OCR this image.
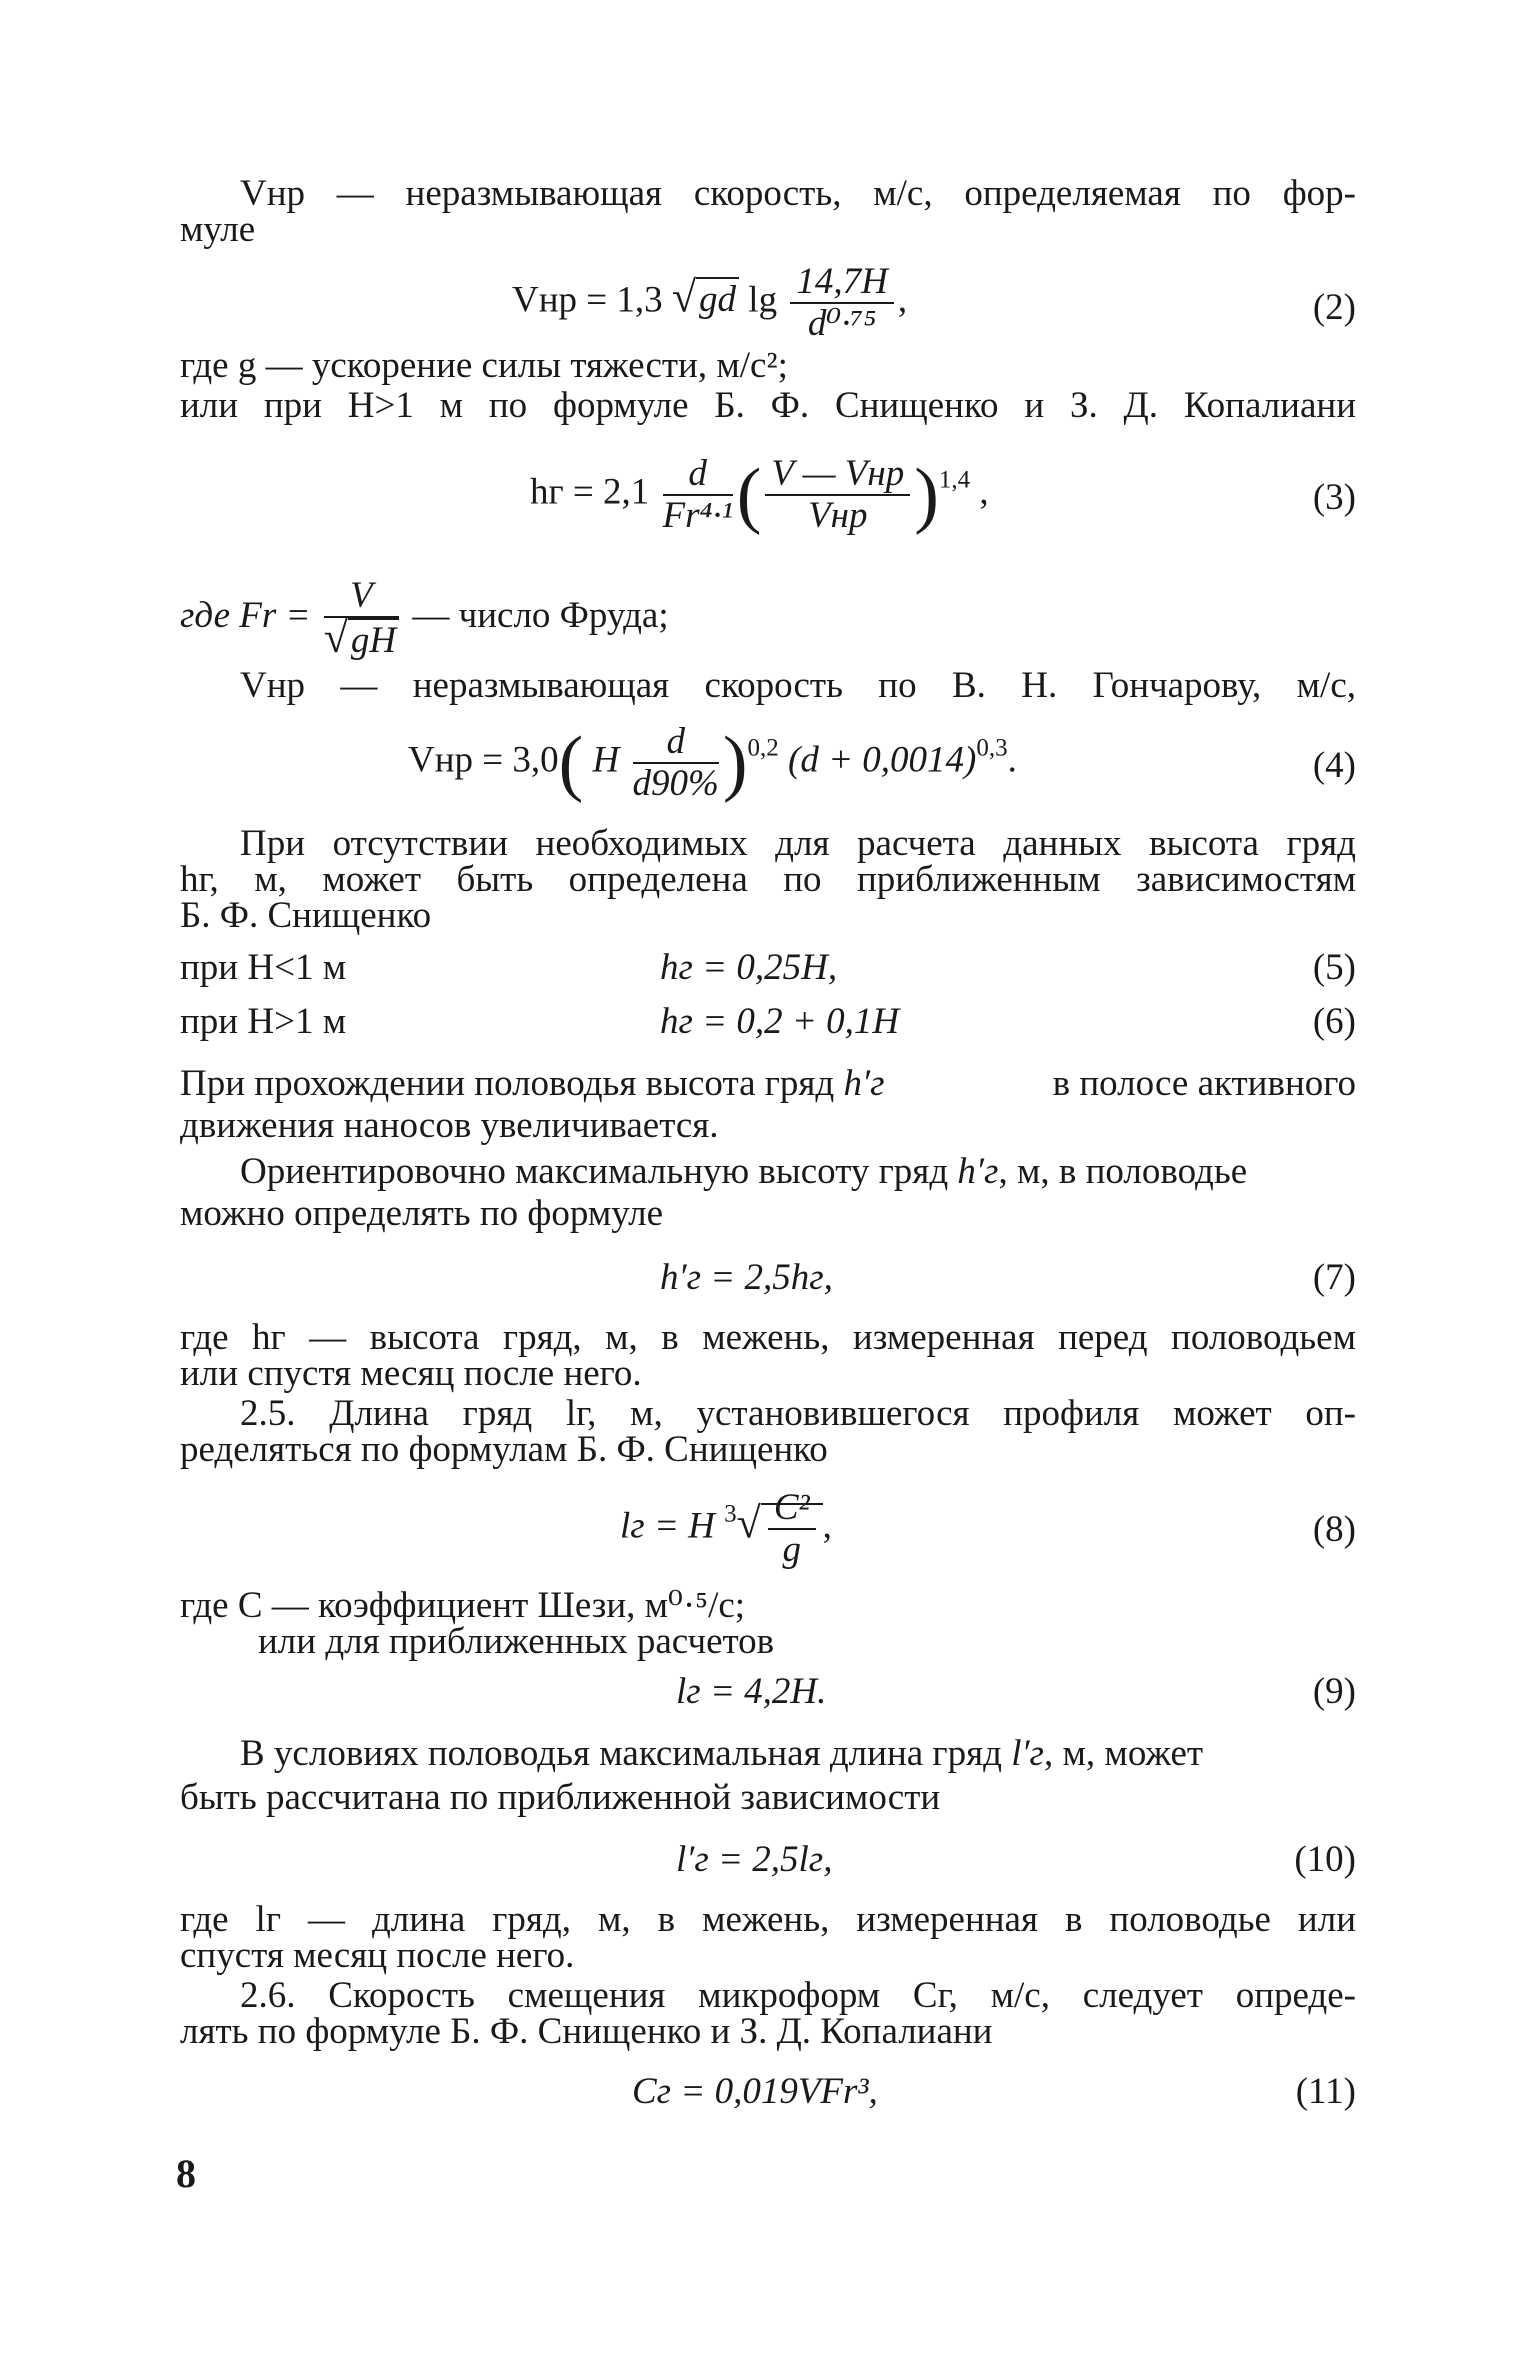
Vнр — неразмывающая скорость, м/с, определяемая по фор-
муле
Vнр = 1,3 √gd $\lg \frac{14,7H}{\text{d⁰·⁷⁵}}$ ,	(2)
где g — ускорение силы тяжести, м/с²;
или при H>1 м по формуле Б. Ф. Снищенко и З. Д. Копалиани
hг = $2,1 \frac{d}{\text{Fr⁴·¹}}$ ( $\frac{\text{V — Vнр}}{\text{Vнр}} )^{1,4}$ ,	(3)
где $Fr = \frac{V}{√gH}$ — число Фруда;
Vнр — неразмывающая скорость по В. Н. Гончарову, м/с,
Vнр = 3,0( H $\frac{d}{d90\%} )^{0,2}$ $(d + 0,0014)^{0,3}$.	(4)
При отсутствии необходимых для расчета данных высота гряд
hг, м, может быть определена по приближенным зависимостям
Б. Ф. Снищенко
при H<1 м	hг = 0,25H,	(5)
при H>1 м	hг = 0,2 + 0,1H	(6)
При прохождении половодья высота гряд h′г	в полосе активного
движения наносов увеличивается.
Ориентировочно максимальную высоту гряд h′г, м, в половодье
можно определять по формуле
h′г = 2,5hг,	(7)
где hг — высота гряд, м, в межень, измеренная перед половодьем
или спустя месяц после него.
2.5. Длина гряд lг, м, установившегося профиля может оп-
ределяться по формулам Б. Ф. Снищенко
lг = H $^3√ \frac{\text{C²}}{g}$ ,	(8)
где C — коэффициент Шези, м⁰·⁵/с;
или для приближенных расчетов
lг = 4,2H.	(9)
В условиях половодья максимальная длина гряд l′г, м, может
быть рассчитана по приближенной зависимости
l′г = 2,5lг,	(10)
где lг — длина гряд, м, в межень, измеренная в половодье или
спустя месяц после него.
2.6. Скорость смещения микроформ Cг, м/с, следует опреде-
лять по формуле Б. Ф. Снищенко и З. Д. Копалиани
Cг = 0,019VFr³,	(11)
8
